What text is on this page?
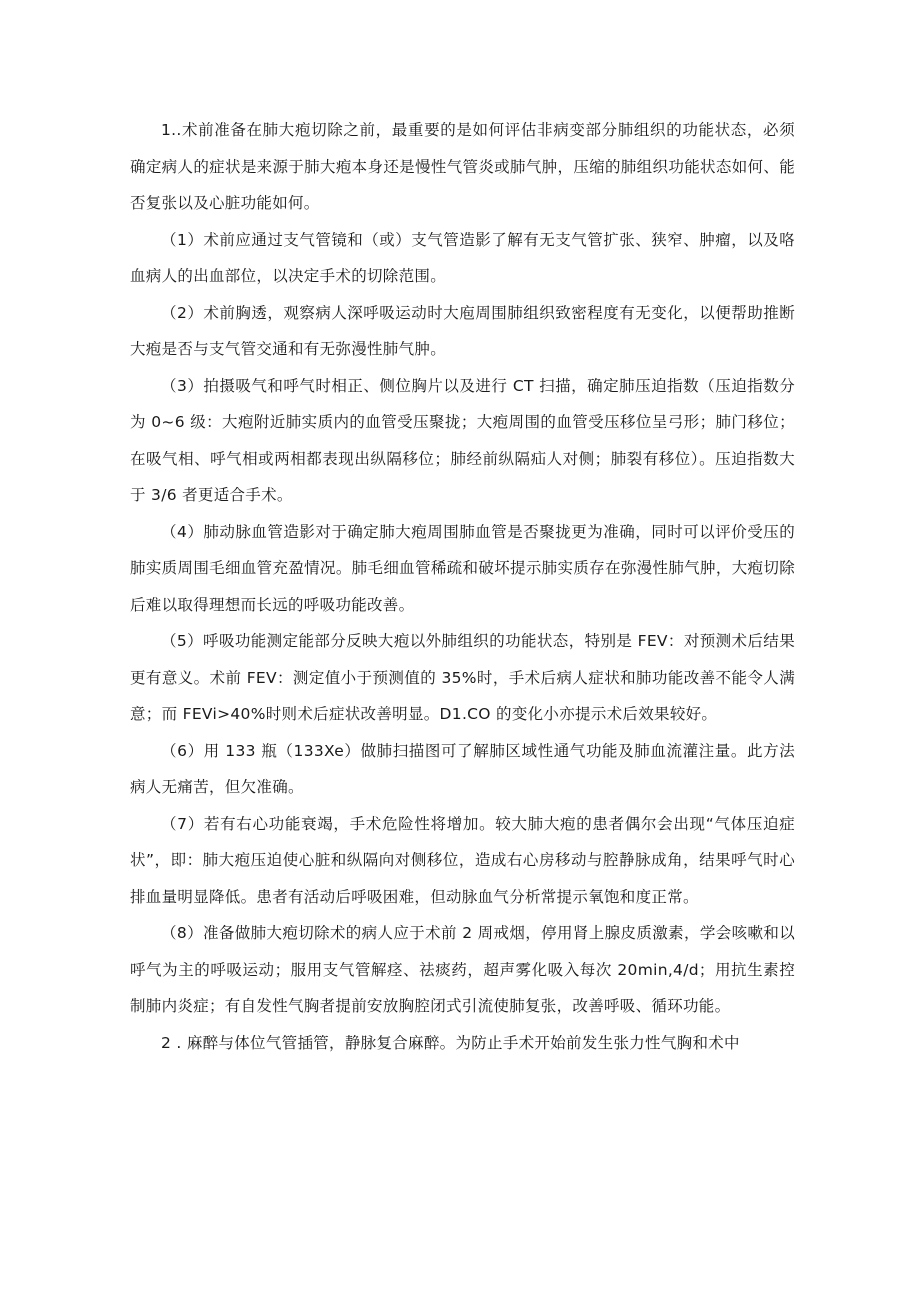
1..术前准备在肺大疱切除之前，最重要的是如何评估非病变部分肺组织的功能状态，必须确定病人的症状是来源于肺大疱本身还是慢性气管炎或肺气肿，压缩的肺组织功能状态如何、能否复张以及心脏功能如何。

（1）术前应通过支气管镜和（或）支气管造影了解有无支气管扩张、狭窄、肿瘤，以及咯血病人的出血部位，以决定手术的切除范围。

（2）术前胸透，观察病人深呼吸运动时大庖周围肺组织致密程度有无变化，以便帮助推断大疱是否与支气管交通和有无弥漫性肺气肿。

（3）拍摄吸气和呼气时相正、侧位胸片以及进行 CT 扫描，确定肺压迫指数（压迫指数分为 0~6 级：大疱附近肺实质内的血管受压聚拢；大疱周围的血管受压移位呈弓形；肺门移位；在吸气相、呼气相或两相都表现出纵隔移位；肺经前纵隔疝人对侧；肺裂有移位）。压迫指数大于 3/6 者更适合手术。

（4）肺动脉血管造影对于确定肺大疱周围肺血管是否聚拢更为准确，同时可以评价受压的肺实质周围毛细血管充盈情况。肺毛细血管稀疏和破坏提示肺实质存在弥漫性肺气肿，大疱切除后难以取得理想而长远的呼吸功能改善。

（5）呼吸功能测定能部分反映大疱以外肺组织的功能状态，特别是 FEV：对预测术后结果更有意义。术前 FEV：测定值小于预测值的 35%时，手术后病人症状和肺功能改善不能令人满意；而 FEVi>40%时则术后症状改善明显。D1.CO 的变化小亦提示术后效果较好。

（6）用 133 瓶（133Xe）做肺扫描图可了解肺区域性通气功能及肺血流灌注量。此方法病人无痛苦，但欠准确。

（7）若有右心功能衰竭，手术危险性将增加。较大肺大疱的患者偶尔会出现“气体压迫症状”，即：肺大疱压迫使心脏和纵隔向对侧移位，造成右心房移动与腔静脉成角，结果呼气时心排血量明显降低。患者有活动后呼吸困难，但动脉血气分析常提示氧饱和度正常。

（8）准备做肺大疱切除术的病人应于术前 2 周戒烟，停用肾上腺皮质激素，学会咳嗽和以呼气为主的呼吸运动；服用支气管解痉、祛痰药，超声雾化吸入每次 20min,4/d；用抗生素控制肺内炎症；有自发性气胸者提前安放胸腔闭式引流使肺复张，改善呼吸、循环功能。

2 . 麻醉与体位气管插管，静脉复合麻醉。为防止手术开始前发生张力性气胸和术中
